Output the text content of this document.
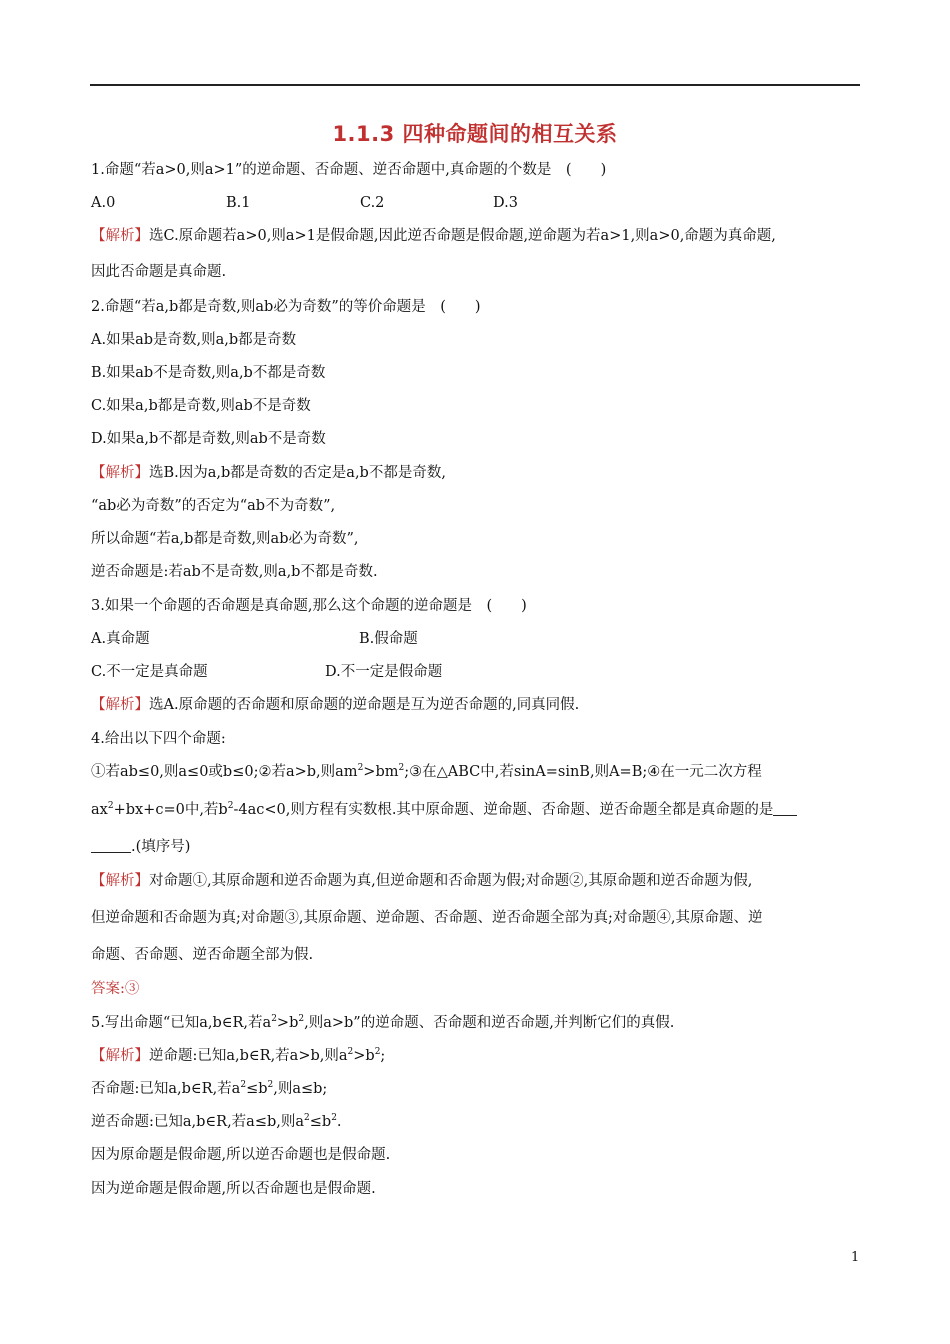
1.1.3 四种命题间的相互关系
1.命题“若a>0,则a>1”的逆命题、否命题、逆否命题中,真命题的个数是　(　　)
A.0	B.1	C.2	D.3
【解析】选C.原命题若a>0,则a>1是假命题,因此逆否命题是假命题,逆命题为若a>1,则a>0,命题为真命题,
因此否命题是真命题.
2.命题“若a,b都是奇数,则ab必为奇数”的等价命题是　(　　)
A.如果ab是奇数,则a,b都是奇数
B.如果ab不是奇数,则a,b不都是奇数
C.如果a,b都是奇数,则ab不是奇数
D.如果a,b不都是奇数,则ab不是奇数
【解析】选B.因为a,b都是奇数的否定是a,b不都是奇数,
“ab必为奇数”的否定为“ab不为奇数”,
所以命题“若a,b都是奇数,则ab必为奇数”,
逆否命题是:若ab不是奇数,则a,b不都是奇数.
3.如果一个命题的否命题是真命题,那么这个命题的逆命题是　(　　)
A.真命题	B.假命题
C.不一定是真命题	D.不一定是假命题
【解析】选A.原命题的否命题和原命题的逆命题是互为逆否命题的,同真同假.
4.给出以下四个命题:
①若ab≤0,则a≤0或b≤0;②若a>b,则$am^2>bm^2;③$在△ABC中,若sinA=sinB,则A=B;④在一元二次方程
$ax^2+bx+c=0$中,若$b^2-4ac<0$,则方程有实数根.其中原命题、逆命题、否命题、逆否命题全都是真命题的是
.(填序号)
【解析】对命题①,其原命题和逆否命题为真,但逆命题和否命题为假;对命题②,其原命题和逆否命题为假,
但逆命题和否命题为真;对命题③,其原命题、逆命题、否命题、逆否命题全部为真;对命题④,其原命题、逆
命题、否命题、逆否命题全部为假.
答案:③
5.写出命题“已知a,b∈R,若$a^2>b^2$,则a>b”的逆命题、否命题和逆否命题,并判断它们的真假.
【解析】逆命题:已知a,b∈R,若a>b,则$a^2>b^2$;
否命题:已知a,b∈R,若$a^2\le b^2$,则a≤b;
逆否命题:已知a,b∈R,若a≤b,则$a^2\le b^2$.
因为原命题是假命题,所以逆否命题也是假命题.
因为逆命题是假命题,所以否命题也是假命题.
1
